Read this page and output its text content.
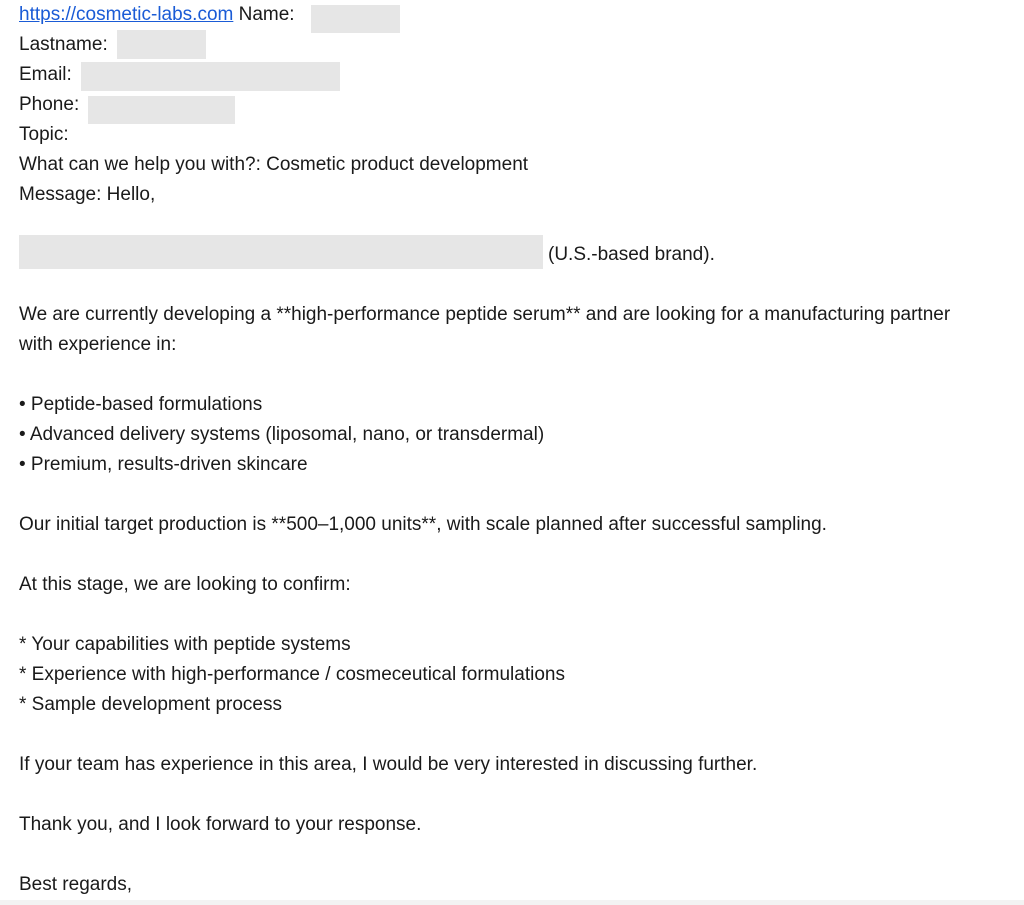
https://cosmetic-labs.com Name:
Lastname:
Email:
Phone:
Topic:
What can we help you with?: Cosmetic product development
Message: Hello,
(U.S.-based brand).
We are currently developing a **high-performance peptide serum** and are looking for a manufacturing partner
with experience in:
• Peptide-based formulations
• Advanced delivery systems (liposomal, nano, or transdermal)
• Premium, results-driven skincare
Our initial target production is **500–1,000 units**, with scale planned after successful sampling.
At this stage, we are looking to confirm:
* Your capabilities with peptide systems
* Experience with high-performance / cosmeceutical formulations
* Sample development process
If your team has experience in this area, I would be very interested in discussing further.
Thank you, and I look forward to your response.
Best regards,
